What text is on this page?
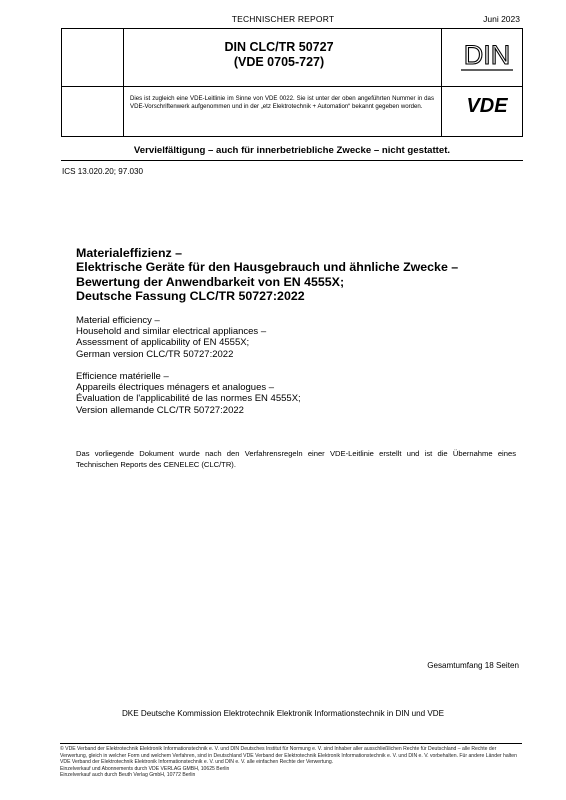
TECHNISCHER REPORT	Juni 2023
DIN CLC/TR 50727
(VDE 0705-727)	DIN
Dies ist zugleich eine VDE-Leitlinie im Sinne von VDE 0022. Sie ist unter der oben angeführten Nummer in das VDE-Vorschriftenwerk aufgenommen und in der „etz Elektrotechnik + Automation“ bekannt gegeben worden.	VDE
Vervielfältigung – auch für innerbetriebliche Zwecke – nicht gestattet.
ICS 13.020.20; 97.030
Materialeffizienz –
Elektrische Geräte für den Hausgebrauch und ähnliche Zwecke –
Bewertung der Anwendbarkeit von EN 4555X;
Deutsche Fassung CLC/TR 50727:2022
Material efficiency –
Household and similar electrical appliances –
Assessment of applicability of EN 4555X;
German version CLC/TR 50727:2022
Efficience matérielle –
Appareils électriques ménagers et analogues –
Évaluation de l'applicabilité de las normes EN 4555X;
Version allemande CLC/TR 50727:2022
Das vorliegende Dokument wurde nach den Verfahrensregeln einer VDE-Leitlinie erstellt und ist die Übernahme eines Technischen Reports des CENELEC (CLC/TR).
Gesamtumfang 18 Seiten
DKE Deutsche Kommission Elektrotechnik Elektronik Informationstechnik in DIN und VDE

© VDE Verband der Elektrotechnik Elektronik Informationstechnik e. V. und DIN Deutsches Institut für Normung e. V. sind Inhaber aller ausschließlichen Rechte für Deutschland – alle Rechte der Verwertung, gleich in welcher Form und welchem Verfahren, sind in Deutschland VDE Verband der Elektrotechnik Elektronik Informationstechnik e. V. und DIN e. V. vorbehalten. Für andere Länder halten VDE Verband der Elektrotechnik Elektronik Informationstechnik e. V. und DIN e. V. alle einfachen Rechte der Verwertung.

Einzelverkauf und Abonnements durch VDE VERLAG GMBH, 10625 Berlin

Einzelverkauf auch durch Beuth Verlag GmbH, 10772 Berlin
